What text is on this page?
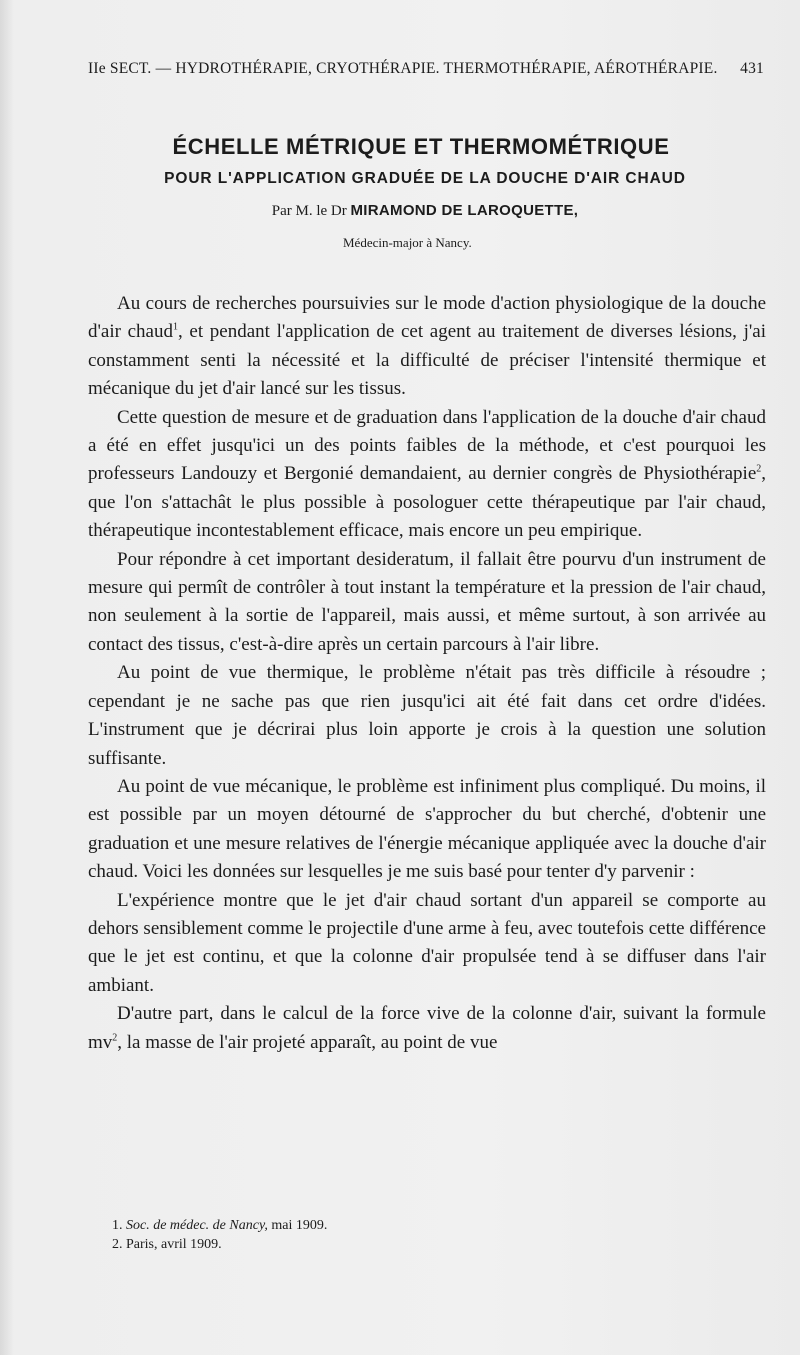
IIe SECT. — HYDROTHÉRAPIE, CRYOTHÉRAPIE. THERMOTHÉRAPIE, AÉROTHÉRAPIE. 431
ÉCHELLE MÉTRIQUE ET THERMOMÉTRIQUE
POUR L'APPLICATION GRADUÉE DE LA DOUCHE D'AIR CHAUD
Par M. le Dr MIRAMOND DE LAROQUETTE,
Médecin-major à Nancy.

Au cours de recherches poursuivies sur le mode d'action physiologique de la douche d'air chaud$^1$, et pendant l'application de cet agent au traitement de diverses lésions, j'ai constamment senti la nécessité et la difficulté de préciser l'intensité thermique et mécanique du jet d'air lancé sur les tissus.

Cette question de mesure et de graduation dans l'application de la douche d'air chaud a été en effet jusqu'ici un des points faibles de la méthode, et c'est pourquoi les professeurs Landouzy et Bergonié demandaient, au dernier congrès de Physiothérapie$^2$, que l'on s'attachât le plus possible à posologuer cette thérapeutique par l'air chaud, thérapeutique incontestablement efficace, mais encore un peu empirique.

Pour répondre à cet important desideratum, il fallait être pourvu d'un instrument de mesure qui permît de contrôler à tout instant la température et la pression de l'air chaud, non seulement à la sortie de l'appareil, mais aussi, et même surtout, à son arrivée au contact des tissus, c'est-à-dire après un certain parcours à l'air libre.

Au point de vue thermique, le problème n'était pas très difficile à résoudre ; cependant je ne sache pas que rien jusqu'ici ait été fait dans cet ordre d'idées. L'instrument que je décrirai plus loin apporte je crois à la question une solution suffisante.

Au point de vue mécanique, le problème est infiniment plus compliqué. Du moins, il est possible par un moyen détourné de s'approcher du but cherché, d'obtenir une graduation et une mesure relatives de l'énergie mécanique appliquée avec la douche d'air chaud. Voici les données sur lesquelles je me suis basé pour tenter d'y parvenir :

L'expérience montre que le jet d'air chaud sortant d'un appareil se comporte au dehors sensiblement comme le projectile d'une arme à feu, avec toutefois cette différence que le jet est continu, et que la colonne d'air propulsée tend à se diffuser dans l'air ambiant.

D'autre part, dans le calcul de la force vive de la colonne d'air, suivant la formule $mv^2$, la masse de l'air projeté apparaît, au point de vue

1. Soc. de médec. de Nancy, mai 1909.
2. Paris, avril 1909.
